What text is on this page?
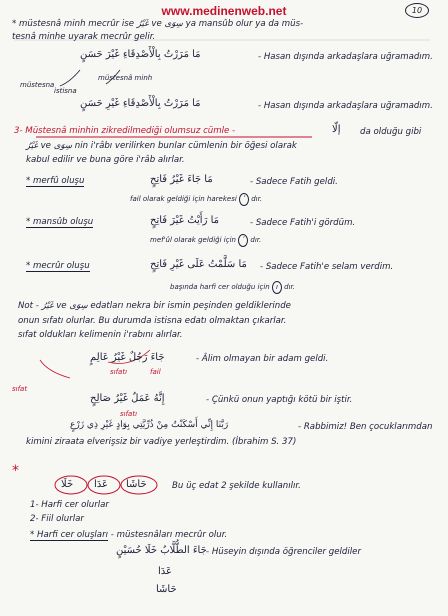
www.medinenweb.net	10
* müstesnâ minh mecrûr ise غَيْرُ ve سِوَى ya mansûb olur ya da müs-
tesnâ minhe uyarak mecrûr gelir.
مَا مَرَرْتُ بِالْأَصْدِقَاءِ غَيْرَ حَسَنٍ	- Hasan dışında arkadaşlara uğramadım.
müstesna
müstesnâ minh
istisna
مَا مَرَرْتُ بِالْأَصْدِقَاءِ غَيْرِ حَسَنٍ	- Hasan dışında arkadaşlara uğramadım.
3- Müstesnâ minhin zikredilmediği olumsuz cümle -	إلّا da olduğu gibi
غَيْرُ ve سِوَى nin i'râbı verilirken bunlar cümlenin bir öğesi olarak
kabul edilir ve buna göre i'râb alırlar.
* merfû oluşu	مَا جَاءَ غَيْرُ فَاتِحٍ	- Sadece Fatih geldi.
fail olarak geldiği için harekesi ʹ dır.
* mansûb oluşu	مَا رَأَيْتُ غَيْرَ فَاتِحٍ	- Sadece Fatih'i gördüm.
mef'ûl olarak geldiği için ʹ dır.
* mecrûr oluşu	مَا سَلَّمْتُ عَلَى غَيْرِ فَاتِحٍ - Sadece Fatih'e selam verdim.
başında harfi cer olduğu için ı dır.
Not - غَيْرُ ve سِوَى edatları nekra bir ismin peşinden geldiklerinde
onun sıfatı olurlar. Bu durumda istisna edatı olmaktan çıkarlar.
sıfat oldukları kelimenin i'rabını alırlar.
جَاءَ رَجُلٌ غَيْرُ عَالِمٍ	- Âlim olmayan bir adam geldi.
sıfatı	fail
sıfat
إِنَّهُ عَمَلٌ غَيْرُ صَالِحٍ	- Çünkü onun yaptığı kötü bir iştir.
sıfatı
رَبَّنَا إِنِّي أَسْكَنْتُ مِنْ ذُرِّيَّتِي بِوَادٍ غَيْرِ ذِي زَرْعٍ	- Rabbimiz! Ben çocuklarımdan
kimini ziraata elverişsiz bir vadiye yerleştirdim. (İbrahim S. 37)
*
خَلَا عَدَا حَاشَا	Bu üç edat 2 şekilde kullanılır.
1- Harfi cer olurlar
2- Fiil olurlar
* Harfi cer oluşları - müstesnâları mecrûr olur.
جَاءَ الطُّلَّابُ خَلَا حُسَيْنٍ - Hüseyin dışında öğrenciler geldiler
عَدَا
حَاشَا
